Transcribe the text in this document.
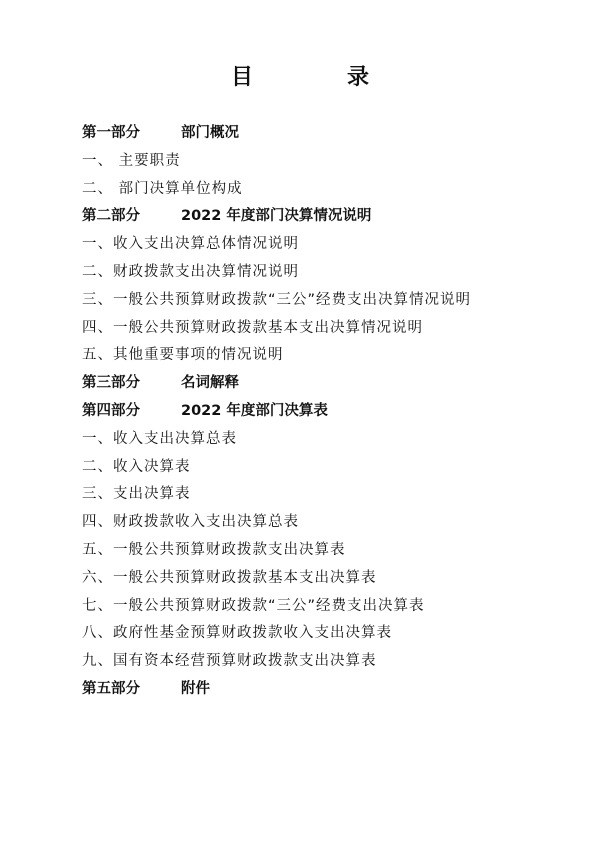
目　录
第一部分	部门概况
一、 主要职责
二、 部门决算单位构成
第二部分	2022 年度部门决算情况说明
一、收入支出决算总体情况说明
二、财政拨款支出决算情况说明
三、一般公共预算财政拨款“三公”经费支出决算情况说明
四、一般公共预算财政拨款基本支出决算情况说明
五、其他重要事项的情况说明
第三部分	名词解释
第四部分	2022 年度部门决算表
一、收入支出决算总表
二、收入决算表
三、支出决算表
四、财政拨款收入支出决算总表
五、一般公共预算财政拨款支出决算表
六、一般公共预算财政拨款基本支出决算表
七、一般公共预算财政拨款“三公”经费支出决算表
八、政府性基金预算财政拨款收入支出决算表
九、国有资本经营预算财政拨款支出决算表
第五部分	附件
